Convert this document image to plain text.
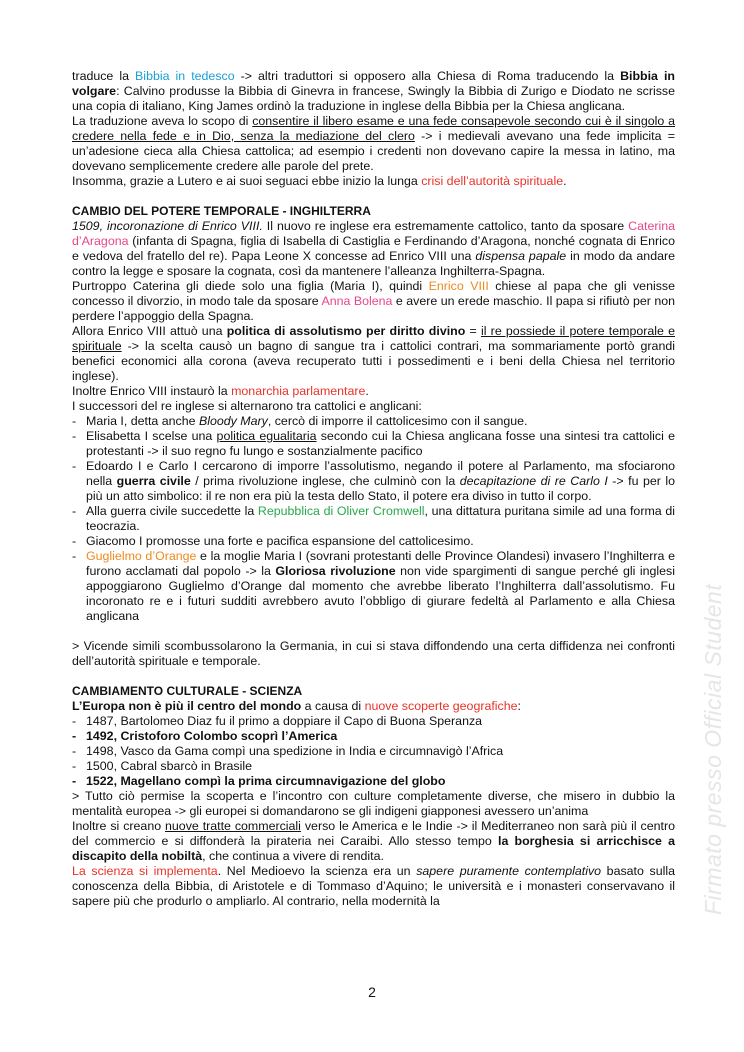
traduce la Bibbia in tedesco -> altri traduttori si opposero alla Chiesa di Roma traducendo la Bibbia in volgare: Calvino produsse la Bibbia di Ginevra in francese, Swingly la Bibbia di Zurigo e Diodato ne scrisse una copia di italiano, King James ordinò la traduzione in inglese della Bibbia per la Chiesa anglicana.

La traduzione aveva lo scopo di consentire il libero esame e una fede consapevole secondo cui è il singolo a credere nella fede e in Dio, senza la mediazione del clero -> i medievali avevano una fede implicita = un’adesione cieca alla Chiesa cattolica; ad esempio i credenti non dovevano capire la messa in latino, ma dovevano semplicemente credere alle parole del prete.

Insomma, grazie a Lutero e ai suoi seguaci ebbe inizio la lunga crisi dell’autorità spirituale.

CAMBIO DEL POTERE TEMPORALE - INGHILTERRA

1509, incoronazione di Enrico VIII. Il nuovo re inglese era estremamente cattolico, tanto da sposare Caterina d’Aragona (infanta di Spagna, figlia di Isabella di Castiglia e Ferdinando d’Aragona, nonché cognata di Enrico e vedova del fratello del re). Papa Leone X concesse ad Enrico VIII una dispensa papale in modo da andare contro la legge e sposare la cognata, così da mantenere l’alleanza Inghilterra-Spagna.

Purtroppo Caterina gli diede solo una figlia (Maria I), quindi Enrico VIII chiese al papa che gli venisse concesso il divorzio, in modo tale da sposare Anna Bolena e avere un erede maschio. Il papa si rifiutò per non perdere l’appoggio della Spagna.

Allora Enrico VIII attuò una politica di assolutismo per diritto divino = il re possiede il potere temporale e spirituale -> la scelta causò un bagno di sangue tra i cattolici contrari, ma sommariamente portò grandi benefici economici alla corona (aveva recuperato tutti i possedimenti e i beni della Chiesa nel territorio inglese).

Inoltre Enrico VIII instaurò la monarchia parlamentare.

I successori del re inglese si alternarono tra cattolici e anglicani:

- Maria I, detta anche Bloody Mary, cercò di imporre il cattolicesimo con il sangue.
- Elisabetta I scelse una politica egualitaria secondo cui la Chiesa anglicana fosse una sintesi tra cattolici e protestanti -> il suo regno fu lungo e sostanzialmente pacifico
- Edoardo I e Carlo I cercarono di imporre l’assolutismo, negando il potere al Parlamento, ma sfociarono nella guerra civile / prima rivoluzione inglese, che culminò con la decapitazione di re Carlo I -> fu per lo più un atto simbolico: il re non era più la testa dello Stato, il potere era diviso in tutto il corpo.
- Alla guerra civile succedette la Repubblica di Oliver Cromwell, una dittatura puritana simile ad una forma di teocrazia.
- Giacomo I promosse una forte e pacifica espansione del cattolicesimo.
- Guglielmo d’Orange e la moglie Maria I (sovrani protestanti delle Province Olandesi) invasero l’Inghilterra e furono acclamati dal popolo -> la Gloriosa rivoluzione non vide spargimenti di sangue perché gli inglesi appoggiarono Guglielmo d’Orange dal momento che avrebbe liberato l’Inghilterra dall’assolutismo. Fu incoronato re e i futuri sudditi avrebbero avuto l’obbligo di giurare fedeltà al Parlamento e alla Chiesa anglicana

> Vicende simili scombussolarono la Germania, in cui si stava diffondendo una certa diffidenza nei confronti dell’autorità spirituale e temporale.

CAMBIAMENTO CULTURALE - SCIENZA

L’Europa non è più il centro del mondo a causa di nuove scoperte geografiche:

- 1487, Bartolomeo Diaz fu il primo a doppiare il Capo di Buona Speranza
- 1492, Cristoforo Colombo scoprì l’America
- 1498, Vasco da Gama compì una spedizione in India e circumnavigò l’Africa
- 1500, Cabral sbarcò in Brasile
- 1522, Magellano compì la prima circumnavigazione del globo

> Tutto ciò permise la scoperta e l’incontro con culture completamente diverse, che misero in dubbio la mentalità europea -> gli europei si domandarono se gli indigeni giapponesi avessero un’anima

Inoltre si creano nuove tratte commerciali verso le America e le Indie -> il Mediterraneo non sarà più il centro del commercio e si diffonderà la pirateria nei Caraibi. Allo stesso tempo la borghesia si arricchisce a discapito della nobiltà, che continua a vivere di rendita.

La scienza si implementa. Nel Medioevo la scienza era un sapere puramente contemplativo basato sulla conoscenza della Bibbia, di Aristotele e di Tommaso d’Aquino; le università e i monasteri conservavano il sapere più che produrlo o ampliarlo. Al contrario, nella modernità la	Firmato presso Official Student
2
